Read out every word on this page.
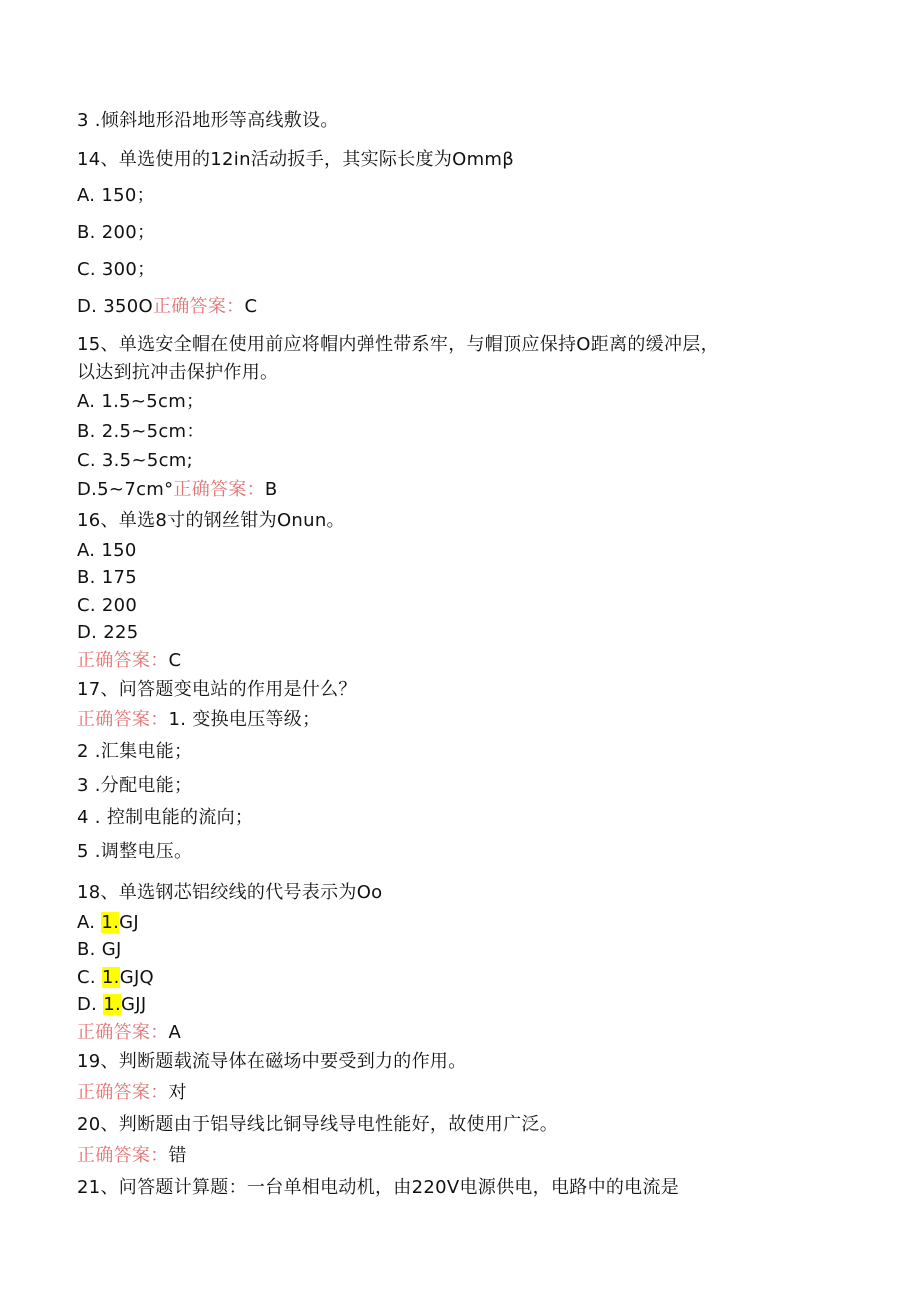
3 .倾斜地形沿地形等高线敷设。
14、单选使用的12in活动扳手，其实际长度为Ommβ
A. 150；
B. 200；
C. 300；
D. 350O正确答案：C
15、单选安全帽在使用前应将帽内弹性带系牢，与帽顶应保持O距离的缓冲层，
以达到抗冲击保护作用。
A. 1.5~5cm；
B. 2.5~5cm：
C. 3.5~5cm;
D.5~7cm°正确答案：B
16、单选8寸的钢丝钳为Onun。
A. 150
B. 175
C. 200
D. 225
正确答案：C
17、问答题变电站的作用是什么？
正确答案：1. 变换电压等级；
2 .汇集电能；
3 .分配电能；
4 . 控制电能的流向；
5 .调整电压。
18、单选钢芯铝绞线的代号表示为Oo
A. 1.GJ
B. GJ
C. 1.GJQ
D. 1.GJJ
正确答案：A
19、判断题载流导体在磁场中要受到力的作用。
正确答案：对
20、判断题由于铝导线比铜导线导电性能好，故使用广泛。
正确答案：错
21、问答题计算题：一台单相电动机，由220V电源供电，电路中的电流是
